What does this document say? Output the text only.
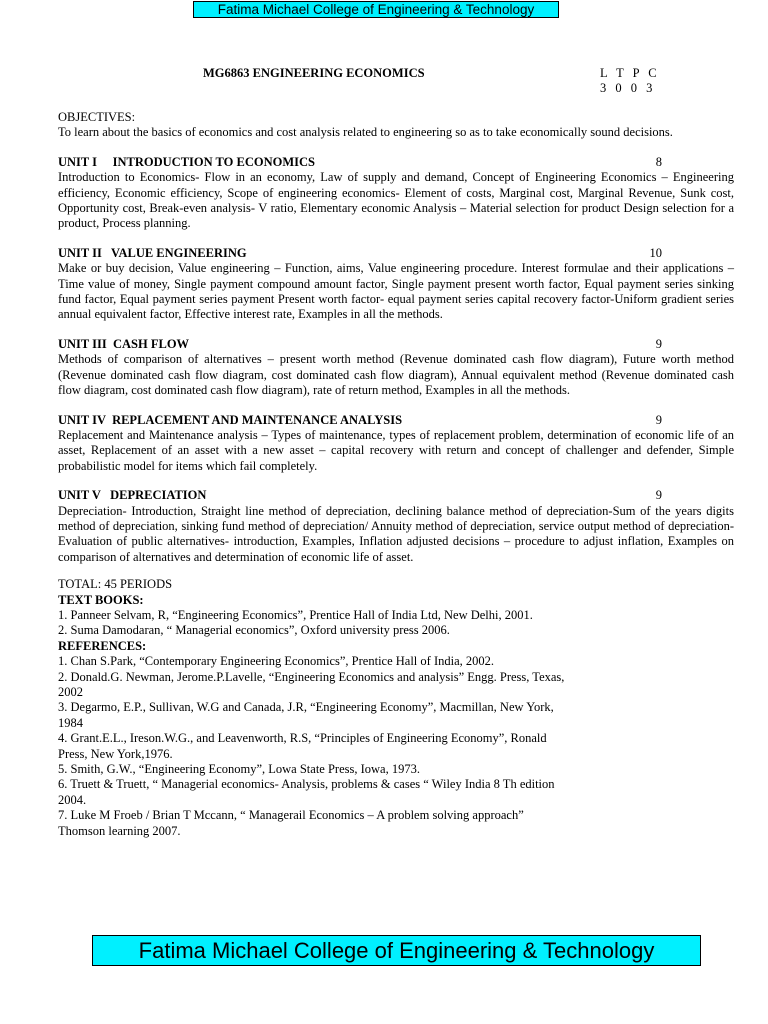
Fatima Michael College of Engineering & Technology
MG6863 ENGINEERING ECONOMICS	L T P C
3 0 0 3

OBJECTIVES:

To learn about the basics of economics and cost analysis related to engineering so as to take economically sound decisions.

UNIT I     INTRODUCTION TO ECONOMICS	8

Introduction to Economics- Flow in an economy, Law of supply and demand, Concept of Engineering Economics – Engineering efficiency, Economic efficiency, Scope of engineering economics- Element of costs, Marginal cost, Marginal Revenue, Sunk cost, Opportunity cost, Break-even analysis- V ratio, Elementary economic Analysis – Material selection for product Design selection for a product, Process planning.

UNIT II   VALUE ENGINEERING	10

Make or buy decision, Value engineering – Function, aims, Value engineering procedure. Interest formulae and their applications –Time value of money, Single payment compound amount factor, Single payment present worth factor, Equal payment series sinking fund factor, Equal payment series payment Present worth factor- equal payment series capital recovery factor-Uniform gradient series annual equivalent factor, Effective interest rate, Examples in all the methods.

UNIT III  CASH FLOW	9

Methods of comparison of alternatives – present worth method (Revenue dominated cash flow diagram), Future worth method (Revenue dominated cash flow diagram, cost dominated cash flow diagram), Annual equivalent method (Revenue dominated cash flow diagram, cost dominated cash flow diagram), rate of return method, Examples in all the methods.

UNIT IV  REPLACEMENT AND MAINTENANCE ANALYSIS	9

Replacement and Maintenance analysis – Types of maintenance, types of replacement problem, determination of economic life of an asset, Replacement of an asset with a new asset – capital recovery with return and concept of challenger and defender, Simple probabilistic model for items which fail completely.

UNIT V   DEPRECIATION	9

Depreciation- Introduction, Straight line method of depreciation, declining balance method of depreciation-Sum of the years digits method of depreciation, sinking fund method of depreciation/ Annuity method of depreciation, service output method of depreciation-Evaluation of public alternatives- introduction, Examples, Inflation adjusted decisions – procedure to adjust inflation, Examples on comparison of alternatives and determination of economic life of asset.

TOTAL: 45 PERIODS

TEXT BOOKS:

1. Panneer Selvam, R, “Engineering Economics”, Prentice Hall of India Ltd, New Delhi, 2001.

2. Suma Damodaran, “ Managerial economics”, Oxford university press 2006.

REFERENCES:

1. Chan S.Park, “Contemporary Engineering Economics”, Prentice Hall of India, 2002.

2. Donald.G. Newman, Jerome.P.Lavelle, “Engineering Economics and analysis” Engg. Press, Texas, 2002

3. Degarmo, E.P., Sullivan, W.G and Canada, J.R, “Engineering Economy”, Macmillan, New York, 1984

4. Grant.E.L., Ireson.W.G., and Leavenworth, R.S, “Principles of Engineering Economy”, Ronald Press, New York,1976.

5. Smith, G.W., “Engineering Economy”, Lowa State Press, Iowa, 1973.

6. Truett & Truett, “ Managerial economics- Analysis, problems & cases “ Wiley India 8 Th edition 2004.

7. Luke M Froeb / Brian T Mccann, “ Managerail Economics – A problem solving approach” Thomson learning 2007.

Fatima Michael College of Engineering & Technology
